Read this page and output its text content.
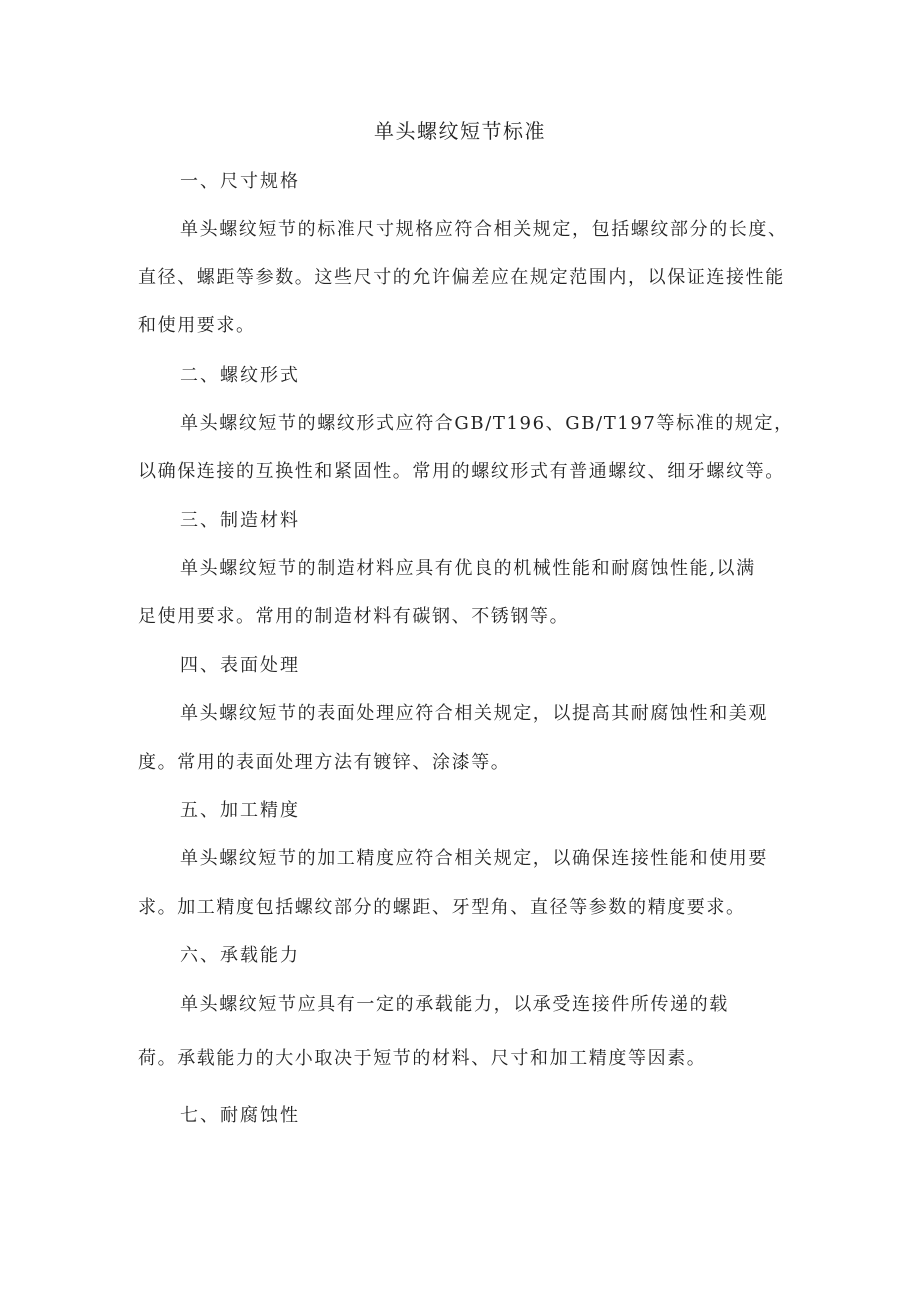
单头螺纹短节标准
一、尺寸规格
单头螺纹短节的标准尺寸规格应符合相关规定，包括螺纹部分的长度、
直径、螺距等参数。这些尺寸的允许偏差应在规定范围内，以保证连接性能
和使用要求。
二、螺纹形式
单头螺纹短节的螺纹形式应符合GB/T196、GB/T197等标准的规定，
以确保连接的互换性和紧固性。常用的螺纹形式有普通螺纹、细牙螺纹等。
三、制造材料
单头螺纹短节的制造材料应具有优良的机械性能和耐腐蚀性能,以满
足使用要求。常用的制造材料有碳钢、不锈钢等。
四、表面处理
单头螺纹短节的表面处理应符合相关规定，以提高其耐腐蚀性和美观
度。常用的表面处理方法有镀锌、涂漆等。
五、加工精度
单头螺纹短节的加工精度应符合相关规定，以确保连接性能和使用要
求。加工精度包括螺纹部分的螺距、牙型角、直径等参数的精度要求。
六、承载能力
单头螺纹短节应具有一定的承载能力，以承受连接件所传递的载
荷。承载能力的大小取决于短节的材料、尺寸和加工精度等因素。
七、耐腐蚀性
